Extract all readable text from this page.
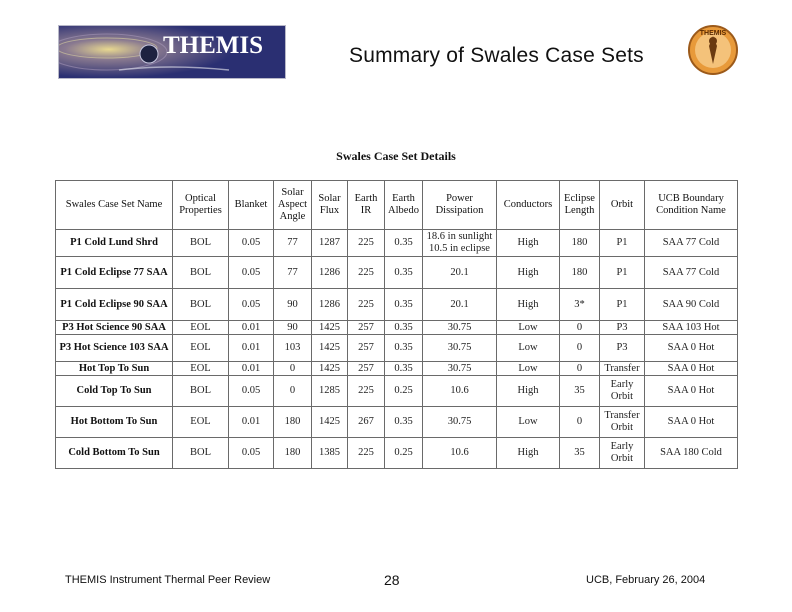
THEMIS	Summary of Swales Case Sets
THEMIS
Swales Case Set Details
Swales Case Set Name	Optical Properties	Blanket	Solar Aspect Angle	Solar Flux	Earth IR	Earth Albedo	Power Dissipation	Conductors	Eclipse Length	Orbit	UCB Boundary Condition Name
P1 Cold Lund Shrd	BOL	0.05	77	1287	225	0.35	18.6 in sunlight 10.5 in eclipse	High	180	P1	SAA 77 Cold
P1 Cold Eclipse 77 SAA	BOL	0.05	77	1286	225	0.35	20.1	High	180	P1	SAA 77 Cold
P1 Cold Eclipse 90 SAA	BOL	0.05	90	1286	225	0.35	20.1	High	3*	P1	SAA 90 Cold
P3 Hot Science 90 SAA	EOL	0.01	90	1425	257	0.35	30.75	Low	0	P3	SAA 103 Hot
P3 Hot Science 103 SAA	EOL	0.01	103	1425	257	0.35	30.75	Low	0	P3	SAA 0 Hot
Hot Top To Sun	EOL	0.01	0	1425	257	0.35	30.75	Low	0	Transfer	SAA 0 Hot
Cold Top To Sun	BOL	0.05	0	1285	225	0.25	10.6	High	35	Early Orbit	SAA 0 Hot
Hot Bottom To Sun	EOL	0.01	180	1425	267	0.35	30.75	Low	0	Transfer Orbit	SAA 0 Hot
Cold Bottom To Sun	BOL	0.05	180	1385	225	0.25	10.6	High	35	Early Orbit	SAA 180 Cold
THEMIS Instrument Thermal Peer Review	28	UCB, February 26, 2004
